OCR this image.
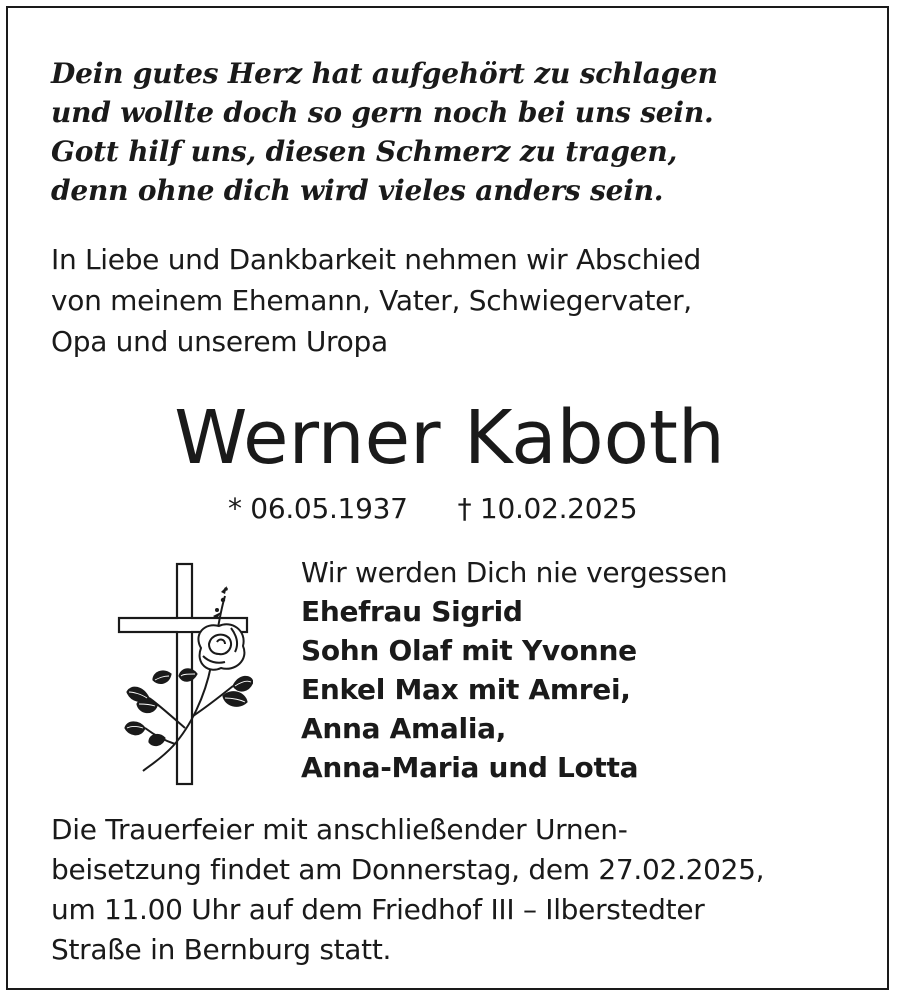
Dein gutes Herz hat aufgehört zu schlagen
und wollte doch so gern noch bei uns sein.
Gott hilf uns, diesen Schmerz zu tragen,
denn ohne dich wird vieles anders sein.
In Liebe und Dankbarkeit nehmen wir Abschied
von meinem Ehemann, Vater, Schwiegervater,
Opa und unserem Uropa
Werner Kaboth
* 06.05.1937 † 10.02.2025
Wir werden Dich nie vergessen
Ehefrau Sigrid
Sohn Olaf mit Yvonne
Enkel Max mit Amrei,
Anna Amalia,
Anna-Maria und Lotta
Die Trauerfeier mit anschließender Urnen-
beisetzung findet am Donnerstag, dem 27.02.2025,
um 11.00 Uhr auf dem Friedhof III – Ilberstedter
Straße in Bernburg statt.
